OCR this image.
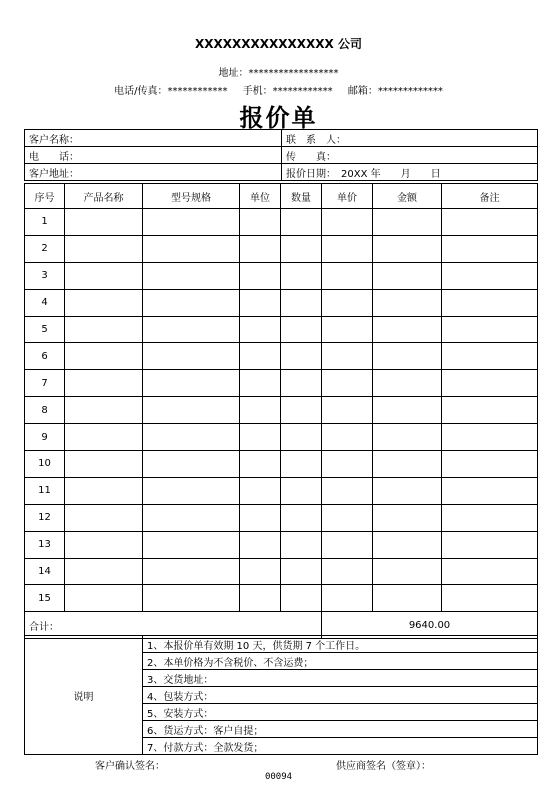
XXXXXXXXXXXXXXX 公司
地址：******************
电话/传真：************ 手机：************ 邮箱：*************
报价单
客户名称：	联　系　人：
电　　话：	传　　真：
客户地址：	报价日期：　20XX 年　　月　　日
序号	产品名称	型号规格	单位	数量	单价	金额	备注
1							
2							
3							
4							
5							
6							
7							
8							
9							
10							
11							
12							
13							
14							
15							
合计：					9640.00		
说明	1、本报价单有效期 10 天，供货期 7 个工作日。
2、本单价格为不含税价、不含运费；
3、交货地址：
4、包装方式：
5、安装方式：
6、货运方式：客户自提；
7、付款方式：全款发货；
客户确认签名：	供应商签名（签章）：
00094
